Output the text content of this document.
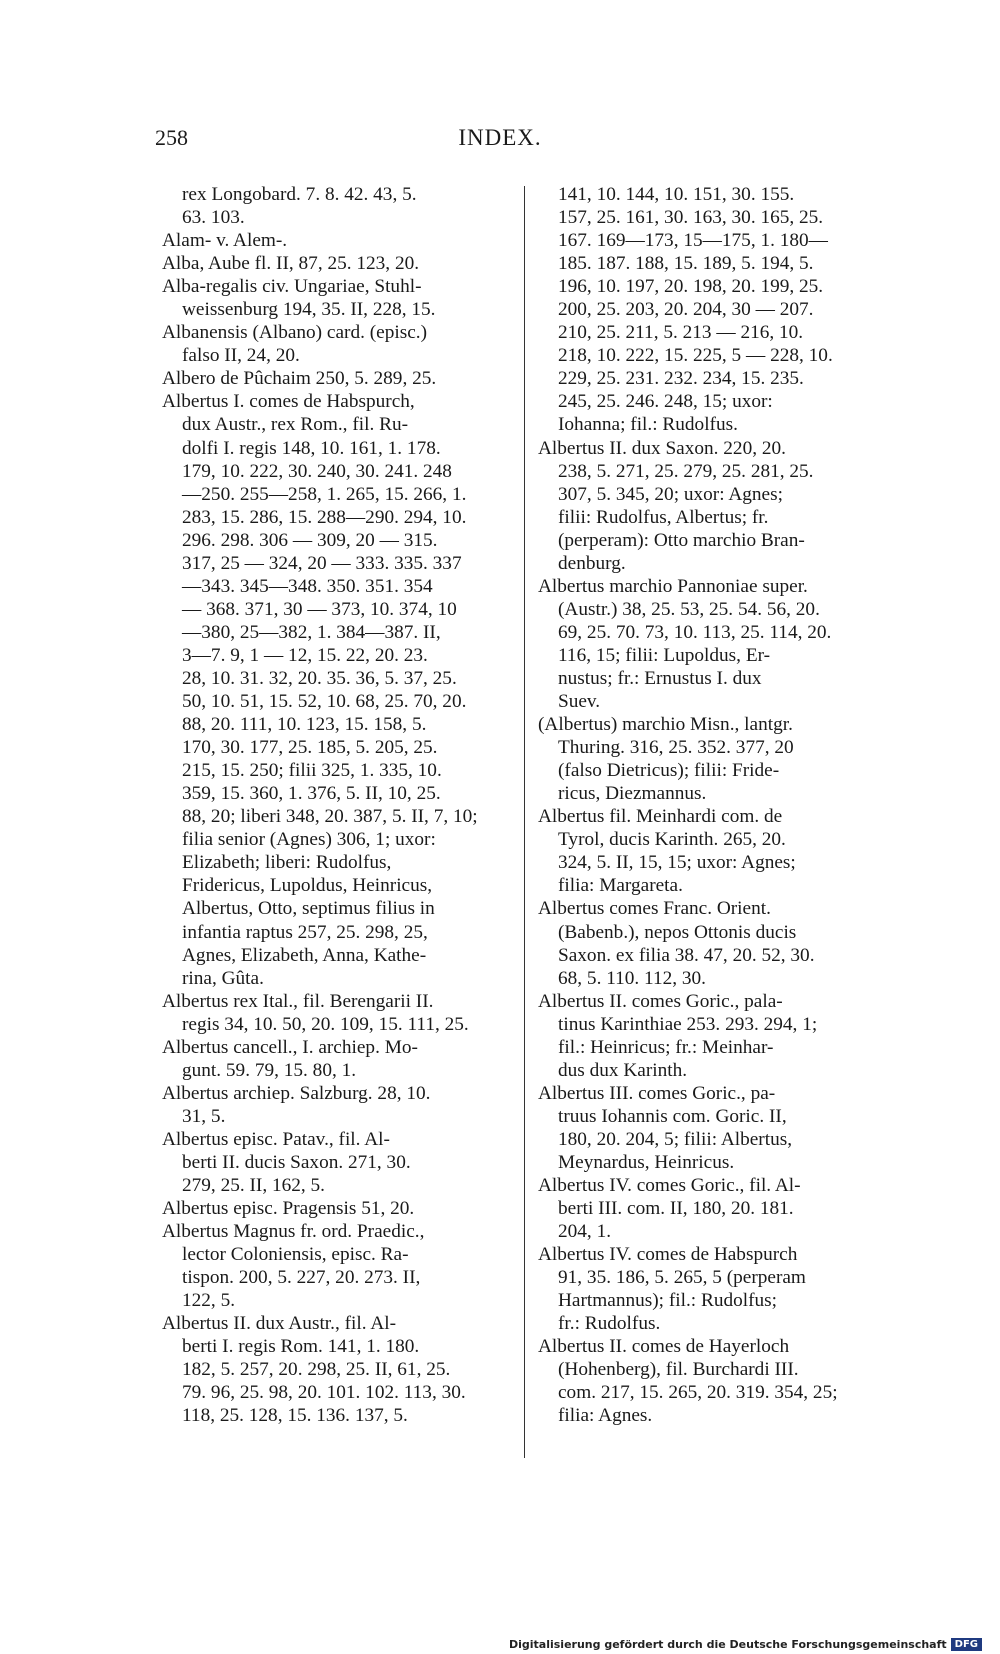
258	INDEX.
rex Longobard. 7. 8. 42. 43, 5.
63. 103.
Alam- v. Alem-.
Alba, Aube fl. II, 87, 25. 123, 20.
Alba-regalis civ. Ungariae, Stuhl-
weissenburg 194, 35. II, 228, 15.
Albanensis (Albano) card. (episc.)
falso II, 24, 20.
Albero de Pûchaim 250, 5. 289, 25.
Albertus I. comes de Habspurch,
dux Austr., rex Rom., fil. Ru-
dolfi I. regis 148, 10. 161, 1. 178.
179, 10. 222, 30. 240, 30. 241. 248
—250. 255—258, 1. 265, 15. 266, 1.
283, 15. 286, 15. 288—290. 294, 10.
296. 298. 306 — 309, 20 — 315.
317, 25 — 324, 20 — 333. 335. 337
—343. 345—348. 350. 351. 354
— 368. 371, 30 — 373, 10. 374, 10
—380, 25—382, 1. 384—387. II,
3—7. 9, 1 — 12, 15. 22, 20. 23.
28, 10. 31. 32, 20. 35. 36, 5. 37, 25.
50, 10. 51, 15. 52, 10. 68, 25. 70, 20.
88, 20. 111, 10. 123, 15. 158, 5.
170, 30. 177, 25. 185, 5. 205, 25.
215, 15. 250; filii 325, 1. 335, 10.
359, 15. 360, 1. 376, 5. II, 10, 25.
88, 20; liberi 348, 20. 387, 5. II, 7, 10;
filia senior (Agnes) 306, 1; uxor:
Elizabeth; liberi: Rudolfus,
Fridericus, Lupoldus, Heinricus,
Albertus, Otto, septimus filius in
infantia raptus 257, 25. 298, 25,
Agnes, Elizabeth, Anna, Kathe-
rina, Gûta.
Albertus rex Ital., fil. Berengarii II.
regis 34, 10. 50, 20. 109, 15. 111, 25.
Albertus cancell., I. archiep. Mo-
gunt. 59. 79, 15. 80, 1.
Albertus archiep. Salzburg. 28, 10.
31, 5.
Albertus episc. Patav., fil. Al-
berti II. ducis Saxon. 271, 30.
279, 25. II, 162, 5.
Albertus episc. Pragensis 51, 20.
Albertus Magnus fr. ord. Praedic.,
lector Coloniensis, episc. Ra-
tispon. 200, 5. 227, 20. 273. II,
122, 5.
Albertus II. dux Austr., fil. Al-
berti I. regis Rom. 141, 1. 180.
182, 5. 257, 20. 298, 25. II, 61, 25.
79. 96, 25. 98, 20. 101. 102. 113, 30.
118, 25. 128, 15. 136. 137, 5.
141, 10. 144, 10. 151, 30. 155.
157, 25. 161, 30. 163, 30. 165, 25.
167. 169—173, 15—175, 1. 180—
185. 187. 188, 15. 189, 5. 194, 5.
196, 10. 197, 20. 198, 20. 199, 25.
200, 25. 203, 20. 204, 30 — 207.
210, 25. 211, 5. 213 — 216, 10.
218, 10. 222, 15. 225, 5 — 228, 10.
229, 25. 231. 232. 234, 15. 235.
245, 25. 246. 248, 15; uxor:
Iohanna; fil.: Rudolfus.
Albertus II. dux Saxon. 220, 20.
238, 5. 271, 25. 279, 25. 281, 25.
307, 5. 345, 20; uxor: Agnes;
filii: Rudolfus, Albertus; fr.
(perperam): Otto marchio Bran-
denburg.
Albertus marchio Pannoniae super.
(Austr.) 38, 25. 53, 25. 54. 56, 20.
69, 25. 70. 73, 10. 113, 25. 114, 20.
116, 15; filii: Lupoldus, Er-
nustus; fr.: Ernustus I. dux
Suev.
(Albertus) marchio Misn., lantgr.
Thuring. 316, 25. 352. 377, 20
(falso Dietricus); filii: Fride-
ricus, Diezmannus.
Albertus fil. Meinhardi com. de
Tyrol, ducis Karinth. 265, 20.
324, 5. II, 15, 15; uxor: Agnes;
filia: Margareta.
Albertus comes Franc. Orient.
(Babenb.), nepos Ottonis ducis
Saxon. ex filia 38. 47, 20. 52, 30.
68, 5. 110. 112, 30.
Albertus II. comes Goric., pala-
tinus Karinthiae 253. 293. 294, 1;
fil.: Heinricus; fr.: Meinhar-
dus dux Karinth.
Albertus III. comes Goric., pa-
truus Iohannis com. Goric. II,
180, 20. 204, 5; filii: Albertus,
Meynardus, Heinricus.
Albertus IV. comes Goric., fil. Al-
berti III. com. II, 180, 20. 181.
204, 1.
Albertus IV. comes de Habspurch
91, 35. 186, 5. 265, 5 (perperam
Hartmannus); fil.: Rudolfus;
fr.: Rudolfus.
Albertus II. comes de Hayerloch
(Hohenberg), fil. Burchardi III.
com. 217, 15. 265, 20. 319. 354, 25;
filia: Agnes.
Digitalisierung gefördert durch die Deutsche Forschungsgemeinschaft DFG
